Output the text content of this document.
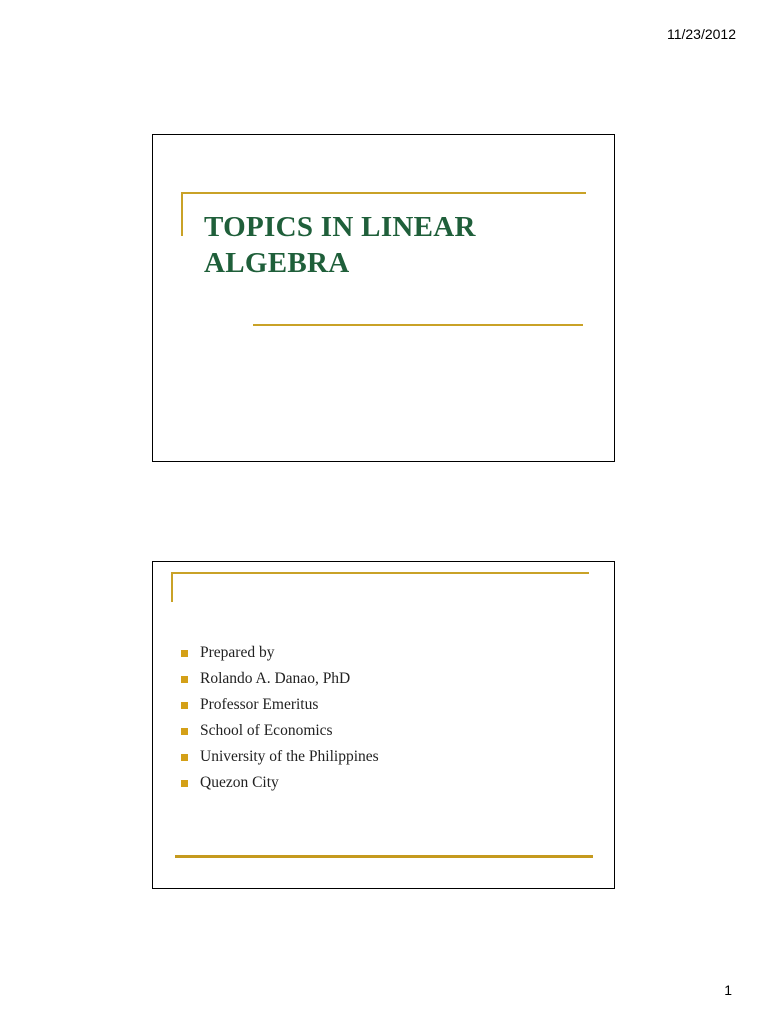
11/23/2012
TOPICS IN LINEAR ALGEBRA
Prepared by
Rolando A. Danao, PhD
Professor Emeritus
School of Economics
University of the Philippines
Quezon City
1
